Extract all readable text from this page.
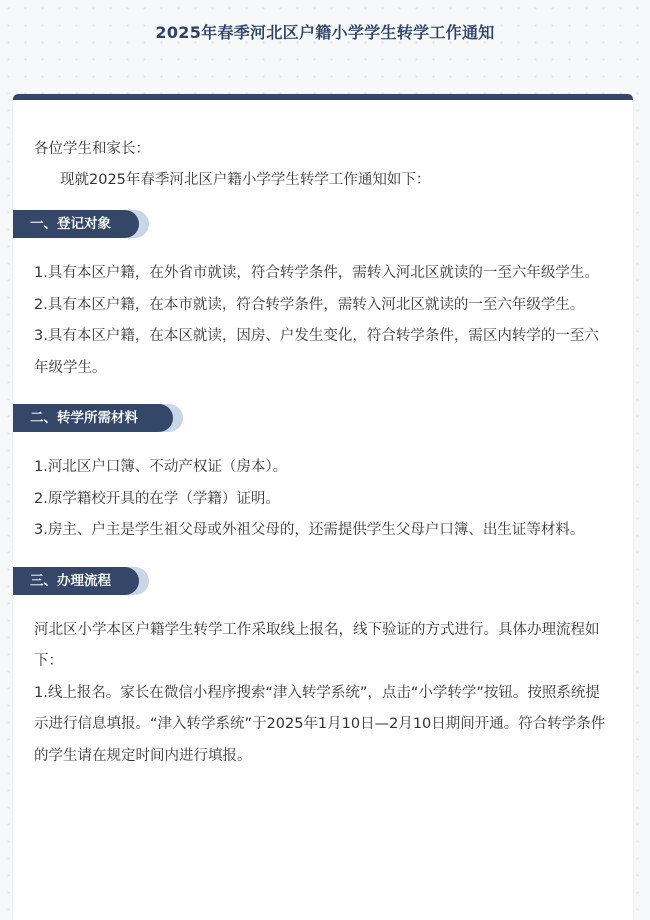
2025年春季河北区户籍小学学生转学工作通知
各位学生和家长：
现就2025年春季河北区户籍小学学生转学工作通知如下：
一、登记对象

1.具有本区户籍，在外省市就读，符合转学条件，需转入河北区就读的一至六年级学生。

2.具有本区户籍，在本市就读，符合转学条件，需转入河北区就读的一至六年级学生。

3.具有本区户籍，在本区就读，因房、户发生变化，符合转学条件，需区内转学的一至六年级学生。

二、转学所需材料

1.河北区户口簿、不动产权证（房本）。

2.原学籍校开具的在学（学籍）证明。

3.房主、户主是学生祖父母或外祖父母的，还需提供学生父母户口簿、出生证等材料。

三、办理流程

河北区小学本区户籍学生转学工作采取线上报名，线下验证的方式进行。具体办理流程如下：

1.线上报名。家长在微信小程序搜索“津入转学系统”，点击“小学转学”按钮。按照系统提示进行信息填报。“津入转学系统”于2025年1月10日—2月10日期间开通。符合转学条件的学生请在规定时间内进行填报。
